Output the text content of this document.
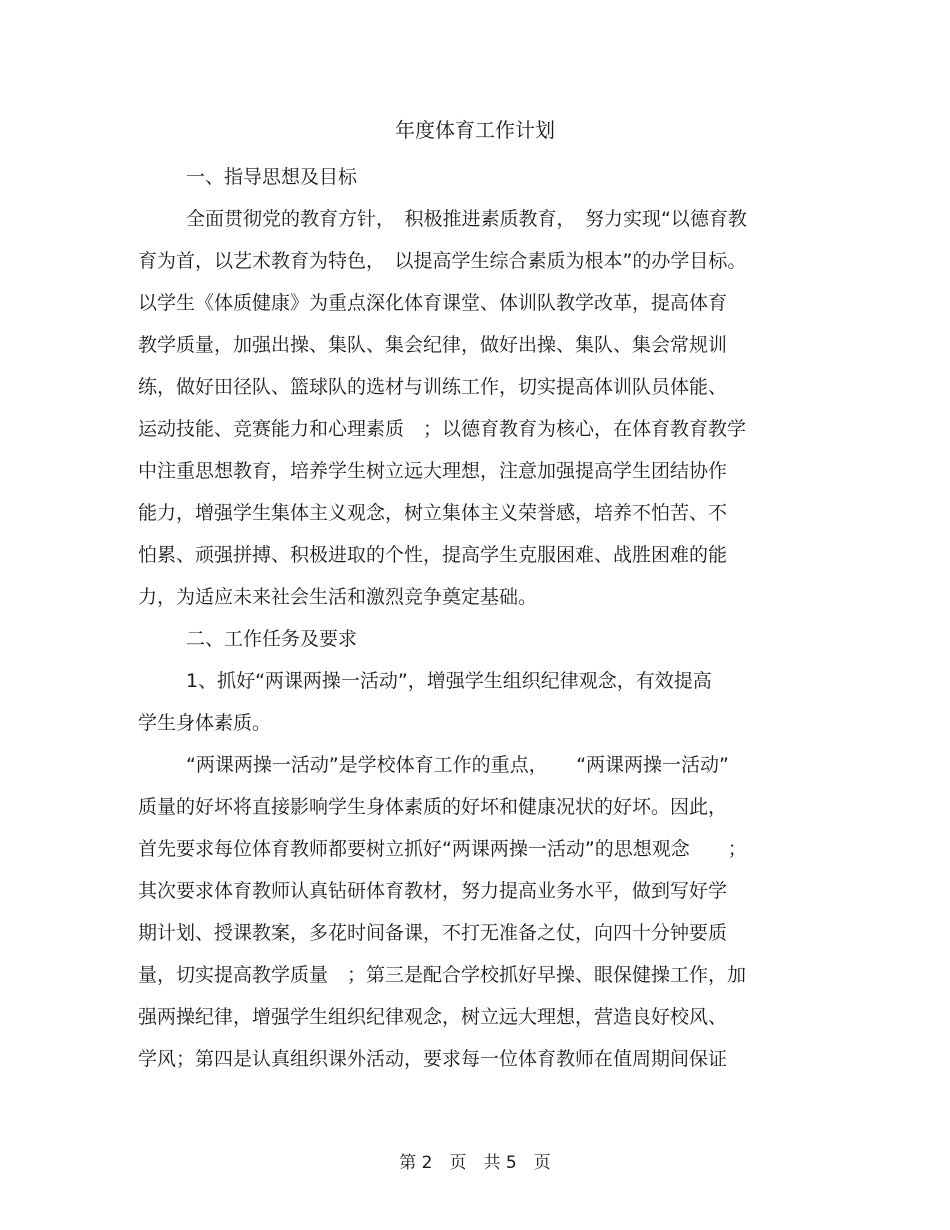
年度体育工作计划

一、指导思想及目标

全面贯彻党的教育方针，　积极推进素质教育，　努力实现“以德育教

育为首，以艺术教育为特色，　以提高学生综合素质为根本”的办学目标。

以学生《体质健康》为重点深化体育课堂、体训队教学改革，提高体育

教学质量，加强出操、集队、集会纪律，做好出操、集队、集会常规训

练，做好田径队、篮球队的选材与训练工作，切实提高体训队员体能、

运动技能、竞赛能力和心理素质　；以德育教育为核心，在体育教育教学

中注重思想教育，培养学生树立远大理想，注意加强提高学生团结协作

能力，增强学生集体主义观念，树立集体主义荣誉感，培养不怕苦、不

怕累、顽强拼搏、积极进取的个性，提高学生克服困难、战胜困难的能

力，为适应未来社会生活和激烈竞争奠定基础。

二、工作任务及要求

1、抓好“两课两操一活动”，增强学生组织纪律观念，有效提高

学生身体素质。

“两课两操一活动”是学校体育工作的重点，　　“两课两操一活动”

质量的好坏将直接影响学生身体素质的好坏和健康况状的好坏。因此，

首先要求每位体育教师都要树立抓好“两课两操一活动”的思想观念　　；

其次要求体育教师认真钻研体育教材，努力提高业务水平，做到写好学

期计划、授课教案，多花时间备课，不打无准备之仗，向四十分钟要质

量，切实提高教学质量　；第三是配合学校抓好早操、眼保健操工作，加

强两操纪律，增强学生组织纪律观念，树立远大理想，营造良好校风、

学风；第四是认真组织课外活动，要求每一位体育教师在值周期间保证

第 2　页　共 5　页
